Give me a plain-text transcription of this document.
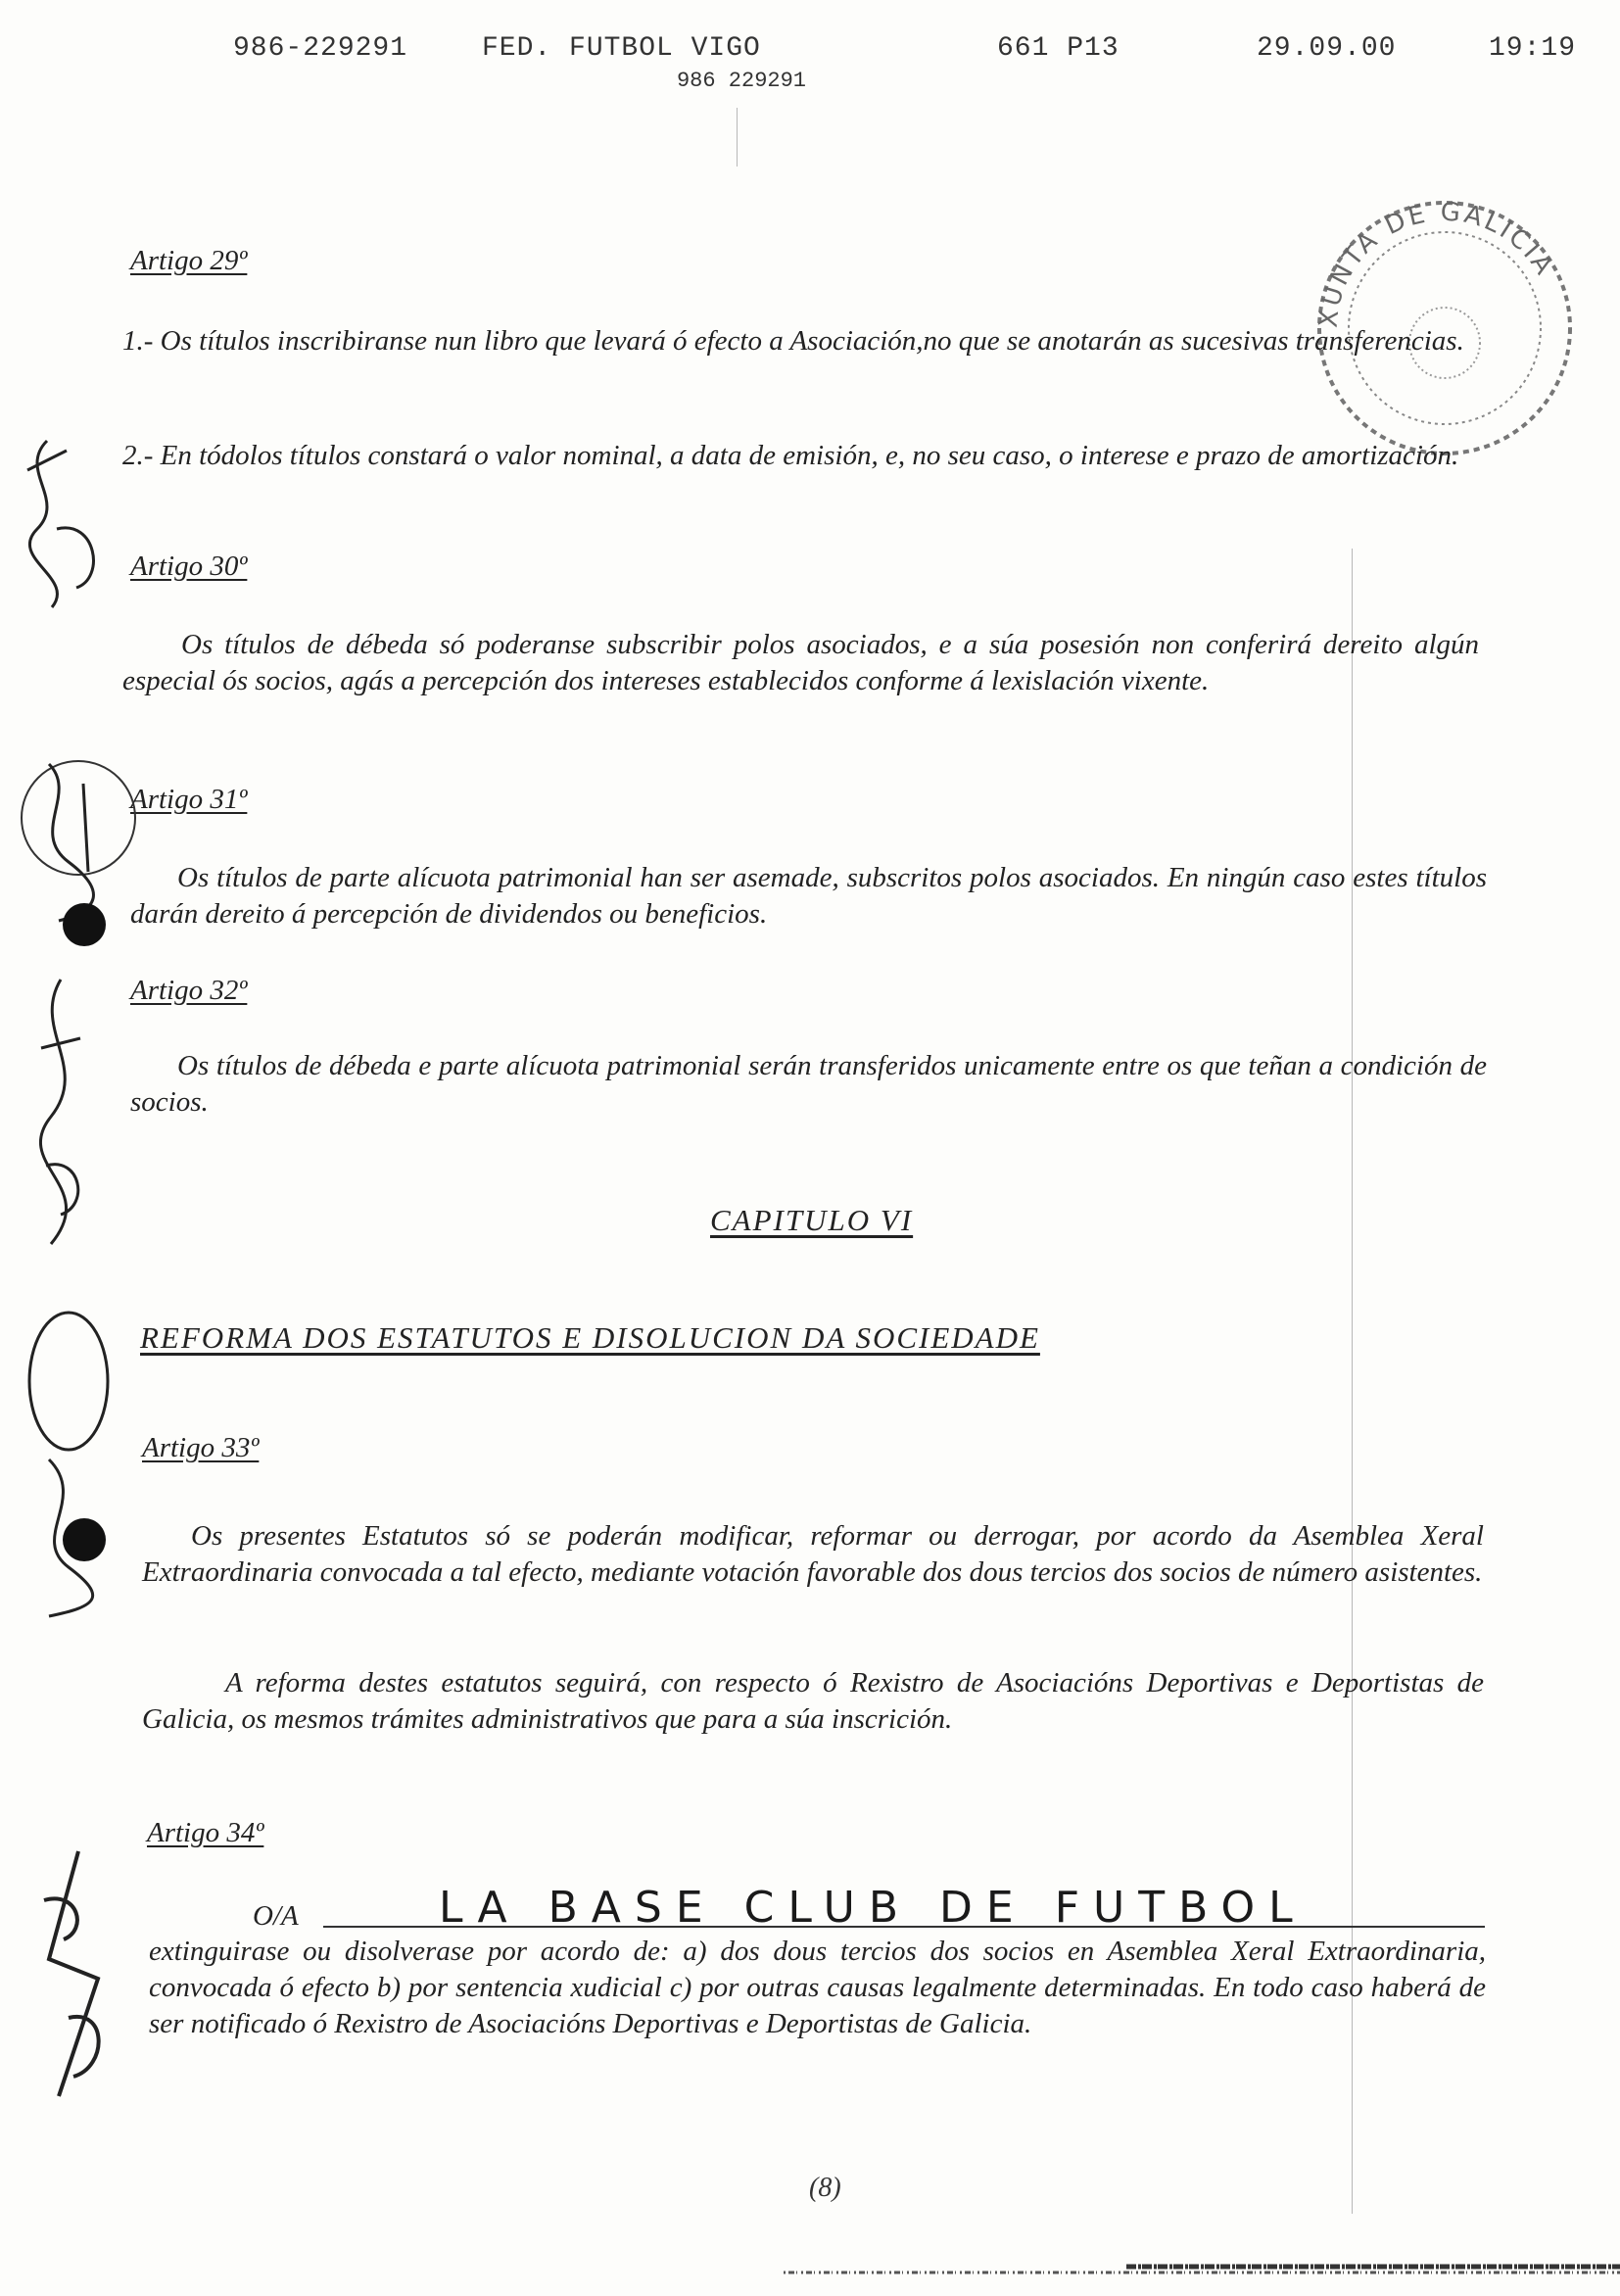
986-229291	FED. FUTBOL VIGO	661 P13	29.09.00	19:19
986 229291
XUNTA DE GALICIA
Artigo 29º
1.- Os títulos inscribiranse nun libro que levará ó efecto a Asociación,no que se anotarán as sucesivas transferencias.
2.- En tódolos títulos constará o valor nominal, a data de emisión, e, no seu caso, o interese e prazo de amortización.
Artigo 30º
Os títulos de débeda só poderanse subscribir polos asociados, e a súa posesión non conferirá dereito algún especial ós socios, agás a percepción dos intereses establecidos conforme á lexislación vixente.
Artigo 31º
Os títulos de parte alícuota patrimonial han ser asemade, subscritos polos asociados. En ningún caso estes títulos darán dereito á percepción de dividendos ou beneficios.
Artigo 32º
Os títulos de débeda e parte alícuota patrimonial serán transferidos unicamente entre os que teñan a condición de socios.
CAPITULO VI
REFORMA DOS ESTATUTOS E DISOLUCION DA SOCIEDADE
Artigo 33º
Os presentes Estatutos só se poderán modificar, reformar ou derrogar, por acordo da Asemblea Xeral Extraordinaria convocada a tal efecto, mediante votación favorable dos dous tercios dos socios de número asistentes.
A reforma destes estatutos seguirá, con respecto ó Rexistro de Asociacións Deportivas e Deportistas de Galicia, os mesmos trámites administrativos que para a súa inscrición.
Artigo 34º
O/A	LA BASE CLUB DE FUTBOL
extinguirase ou disolverase por acordo de: a) dos dous tercios dos socios en Asemblea Xeral Extraordinaria, convocada ó efecto b) por sentencia xudicial c) por outras causas legalmente determinadas. En todo caso haberá de ser notificado ó Rexistro de Asociacións Deportivas e Deportistas de Galicia.
(8)
